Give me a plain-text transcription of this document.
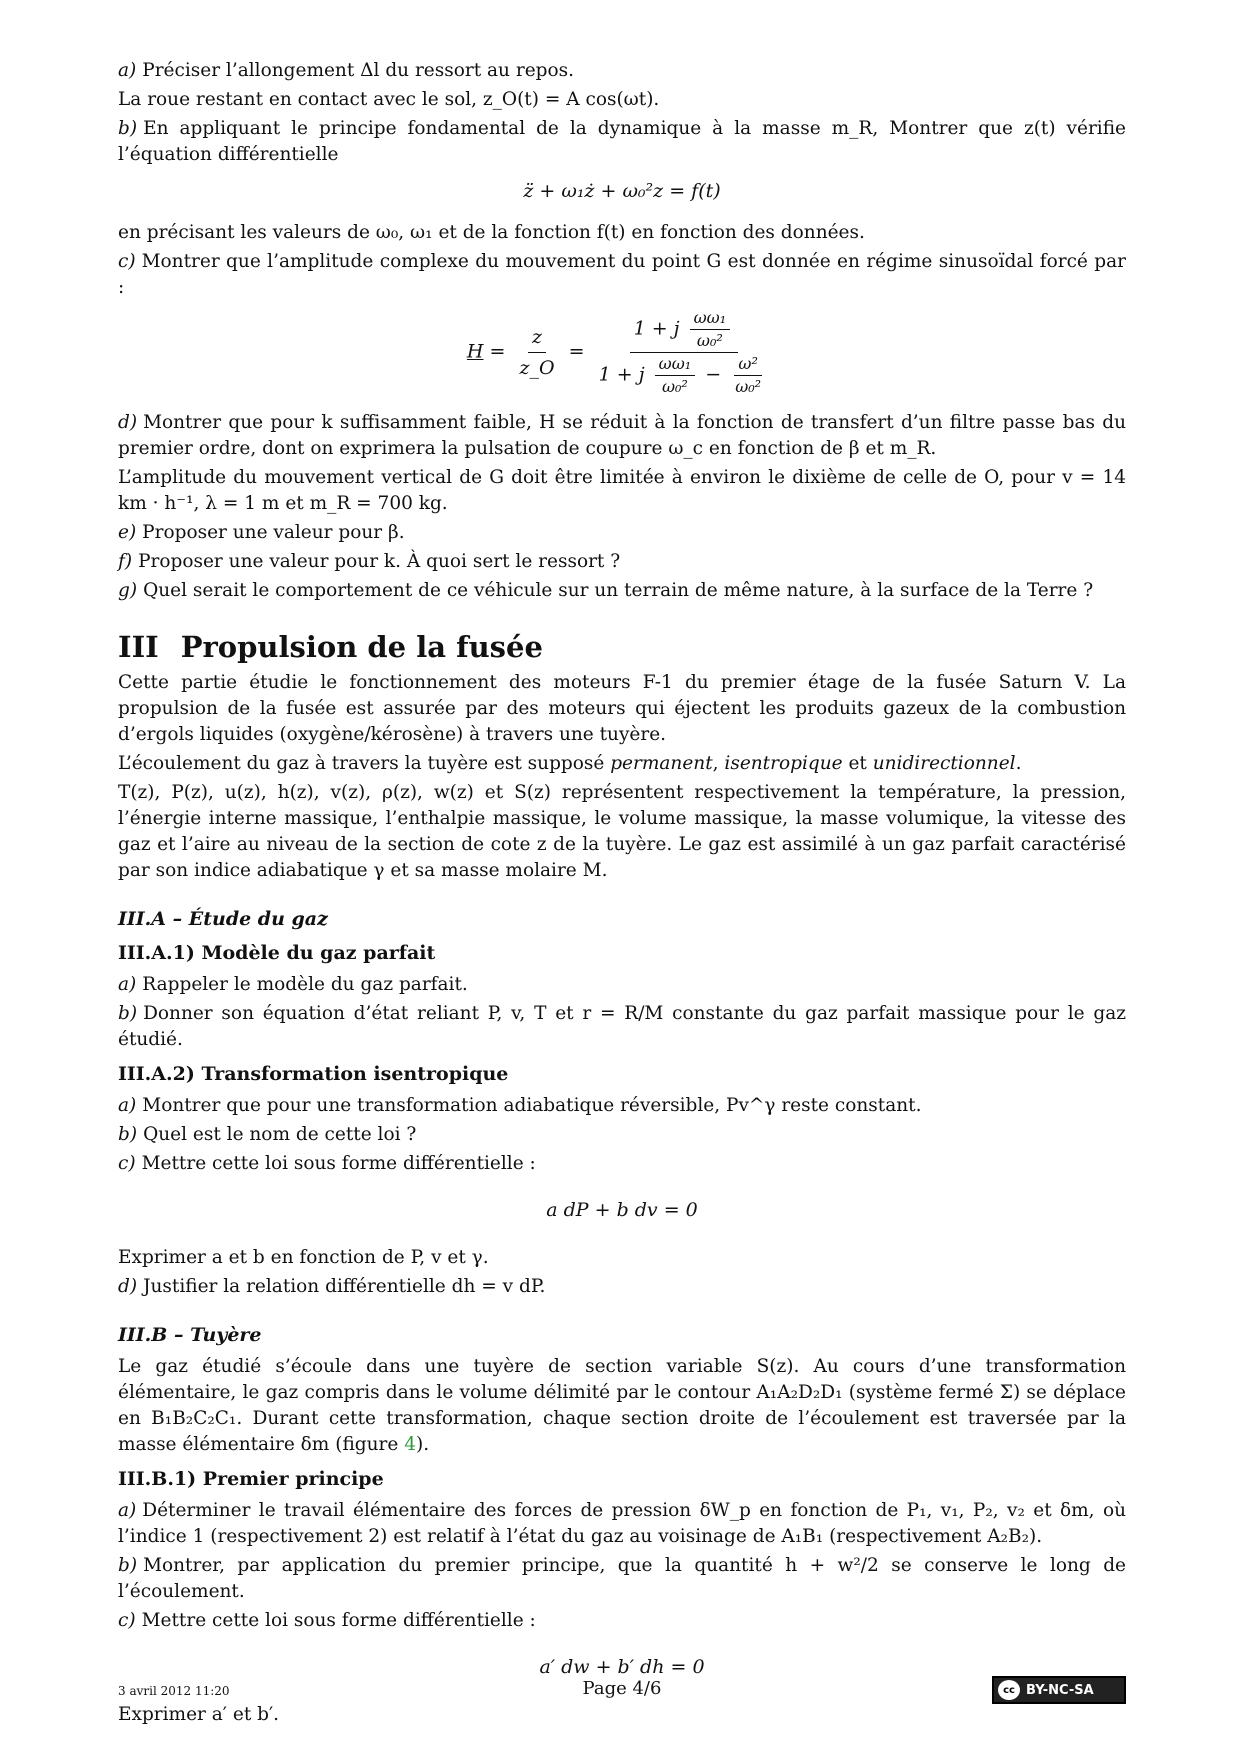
a) Préciser l’allongement Δl du ressort au repos.

La roue restant en contact avec le sol, z_O(t) = A cos(ωt).

b) En appliquant le principe fondamental de la dynamique à la masse m_R, Montrer que z(t) vérifie l’équation différentielle

z̈ + ω₁ż + ω₀²z = f(t)

en précisant les valeurs de ω₀, ω₁ et de la fonction f(t) en fonction des données.

c) Montrer que l’amplitude complexe du mouvement du point G est donnée en régime sinusoïdal forcé par :

$H = \frac{z}{z\_O}$ =
1 + j $\frac{\text{ωω₁}}{\text{ω₀²}}$
1 + j $\frac{\text{ωω₁}}{\text{ω₀²}} - \frac{\text{ω²}}{\text{ω₀²}}$

d) Montrer que pour k suffisamment faible, H se réduit à la fonction de transfert d’un filtre passe bas du premier ordre, dont on exprimera la pulsation de coupure ω_c en fonction de β et m_R.

L’amplitude du mouvement vertical de G doit être limitée à environ le dixième de celle de O, pour v = 14 km · h⁻¹, λ = 1 m et m_R = 700 kg.

e) Proposer une valeur pour β.

f) Proposer une valeur pour k. À quoi sert le ressort ?

g) Quel serait le comportement de ce véhicule sur un terrain de même nature, à la surface de la Terre ?

III Propulsion de la fusée

Cette partie étudie le fonctionnement des moteurs F-1 du premier étage de la fusée Saturn V. La propulsion de la fusée est assurée par des moteurs qui éjectent les produits gazeux de la combustion d’ergols liquides (oxygène/kérosène) à travers une tuyère.

L’écoulement du gaz à travers la tuyère est supposé permanent, isentropique et unidirectionnel.

T(z), P(z), u(z), h(z), v(z), ρ(z), w(z) et S(z) représentent respectivement la température, la pression, l’énergie interne massique, l’enthalpie massique, le volume massique, la masse volumique, la vitesse des gaz et l’aire au niveau de la section de cote z de la tuyère. Le gaz est assimilé à un gaz parfait caractérisé par son indice adiabatique γ et sa masse molaire M.

III.A – Étude du gaz
III.A.1) Modèle du gaz parfait

a) Rappeler le modèle du gaz parfait.

b) Donner son équation d’état reliant P, v, T et r = R/M constante du gaz parfait massique pour le gaz étudié.

III.A.2) Transformation isentropique

a) Montrer que pour une transformation adiabatique réversible, Pv^γ reste constant.

b) Quel est le nom de cette loi ?

c) Mettre cette loi sous forme différentielle :

a dP + b dv = 0

Exprimer a et b en fonction de P, v et γ.

d) Justifier la relation différentielle dh = v dP.

III.B – Tuyère

Le gaz étudié s’écoule dans une tuyère de section variable S(z). Au cours d’une transformation élémentaire, le gaz compris dans le volume délimité par le contour A₁A₂D₂D₁ (système fermé Σ) se déplace en B₁B₂C₂C₁. Durant cette transformation, chaque section droite de l’écoulement est traversée par la masse élémentaire δm (figure 4).

III.B.1) Premier principe

a) Déterminer le travail élémentaire des forces de pression δW_p en fonction de P₁, v₁, P₂, v₂ et δm, où l’indice 1 (respectivement 2) est relatif à l’état du gaz au voisinage de A₁B₁ (respectivement A₂B₂).

b) Montrer, par application du premier principe, que la quantité h + w²/2 se conserve le long de l’écoulement.

c) Mettre cette loi sous forme différentielle :

a′ dw + b′ dh = 0

Exprimer a′ et b′.

3 avril 2012 11:20	Page 4/6	cc BY-NC-SA
